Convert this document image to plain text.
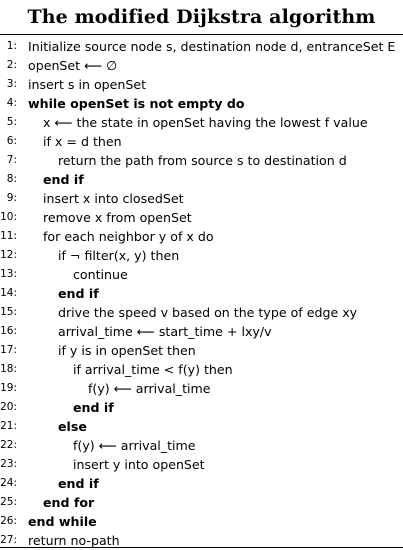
The modified Dijkstra algorithm
1: Initialize source node s, destination node d, entranceSet E
2: openSet ⟵ ∅
3: insert s in openSet
4: while openSet is not empty do
5: x ⟵ the state in openSet having the lowest f value
6: if x = d then
7:	return the path from source s to destination d
8: end if
9: insert x into closedSet
10: remove x from openSet
11: for each neighbor y of x do
12:	if ¬ filter(x, y) then
13:	continue
14:	end if
15:	drive the speed v based on the type of edge xy
16:	arrival_time ⟵ start_time + lxy/v
17:	if y is in openSet then
18:	if arrival_time < f(y) then
19:	f(y) ⟵ arrival_time
20:	end if
21:	else
22:	f(y) ⟵ arrival_time
23:	insert y into openSet
24:	end if
25: end for
26: end while
27: return no-path
